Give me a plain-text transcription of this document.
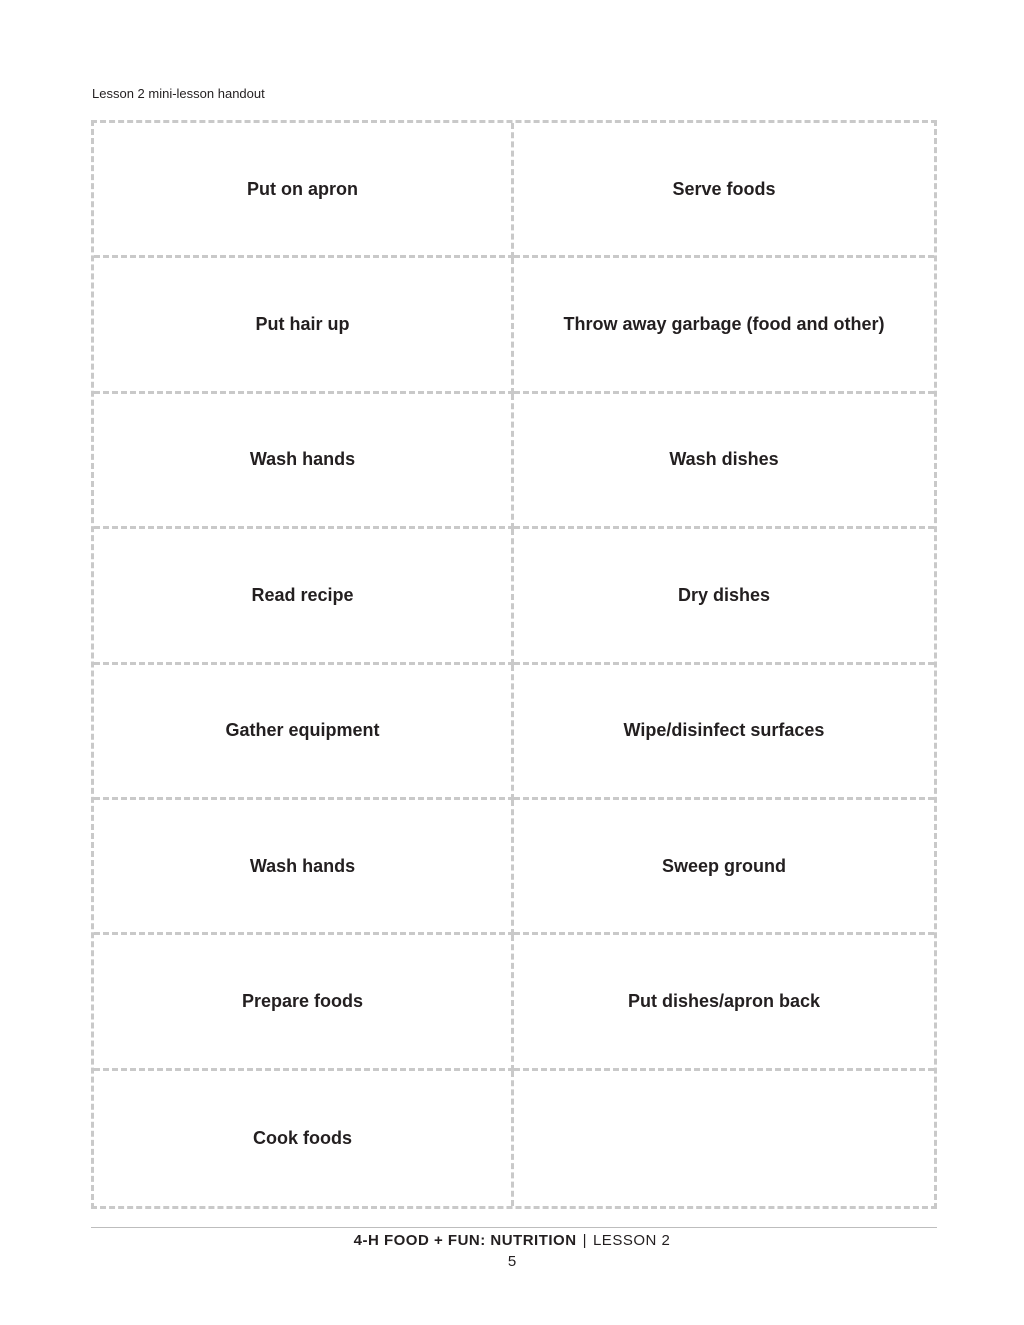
Lesson 2 mini-lesson handout
Put on apron	Serve foods
Put hair up	Throw away garbage (food and other)
Wash hands	Wash dishes
Read recipe	Dry dishes
Gather equipment	Wipe/disinfect surfaces
Wash hands	Sweep ground
Prepare foods	Put dishes/apron back
Cook foods
4-H FOOD + FUN: NUTRITION | LESSON 2
5
